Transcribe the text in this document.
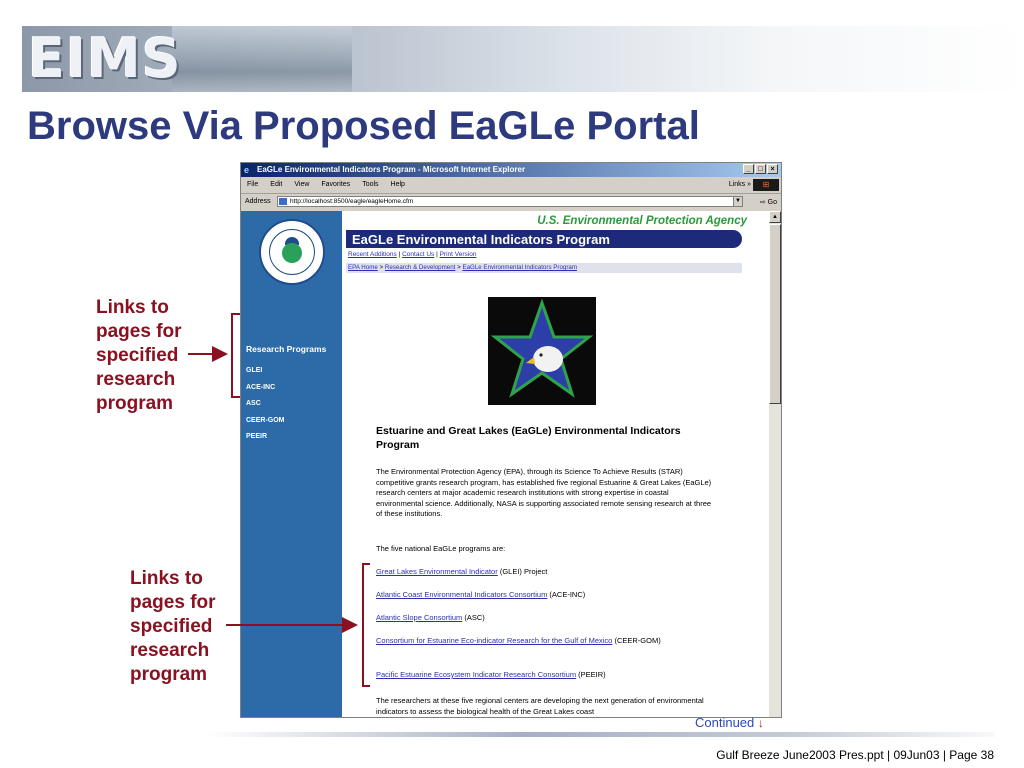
EIMS
Browse Via Proposed EaGLe Portal
e EaGLe Environmental Indicators Program - Microsoft Internet Explorer	_	□	×
File Edit View Favorites Tools Help	Links »	⊞
Address	http://localhost:8500/eagle/eagleHome.cfm	▼	⇨ Go
Research Programs
GLEI
ACE-INC
ASC
CEER-GOM
PEEIR
U.S. Environmental Protection Agency
EaGLe Environmental Indicators Program
Recent Additions | Contact Us | Print Version
EPA Home > Research & Development > EaGLe Environmental Indicators Program
Estuarine and Great Lakes (EaGLe) Environmental Indicators Program

The Environmental Protection Agency (EPA), through its Science To Achieve Results (STAR) competitive grants research program, has established five regional Estuarine & Great Lakes (EaGLe) research centers at major academic research institutions with strong expertise in coastal environmental science. Additionally, NASA is supporting associated remote sensing research at three of these institutions.

The five national EaGLe programs are:

Great Lakes Environmental Indicator (GLEI) Project

Atlantic Coast Environmental Indicators Consortium (ACE-INC)

Atlantic Slope Consortium (ASC)

Consortium for Estuarine Eco-indicator Research for the Gulf of Mexico (CEER-GOM)

Pacific Estuarine Ecosystem Indicator Research Consortium (PEEIR)

The researchers at these five regional centers are developing the next generation of environmental indicators to assess the biological health of the Great Lakes coast

▲

Links to
pages for
specified
research
program

Links to
pages for
specified
research
program

Continued ↓
Gulf Breeze June2003 Pres.ppt | 09Jun03 | Page 38
